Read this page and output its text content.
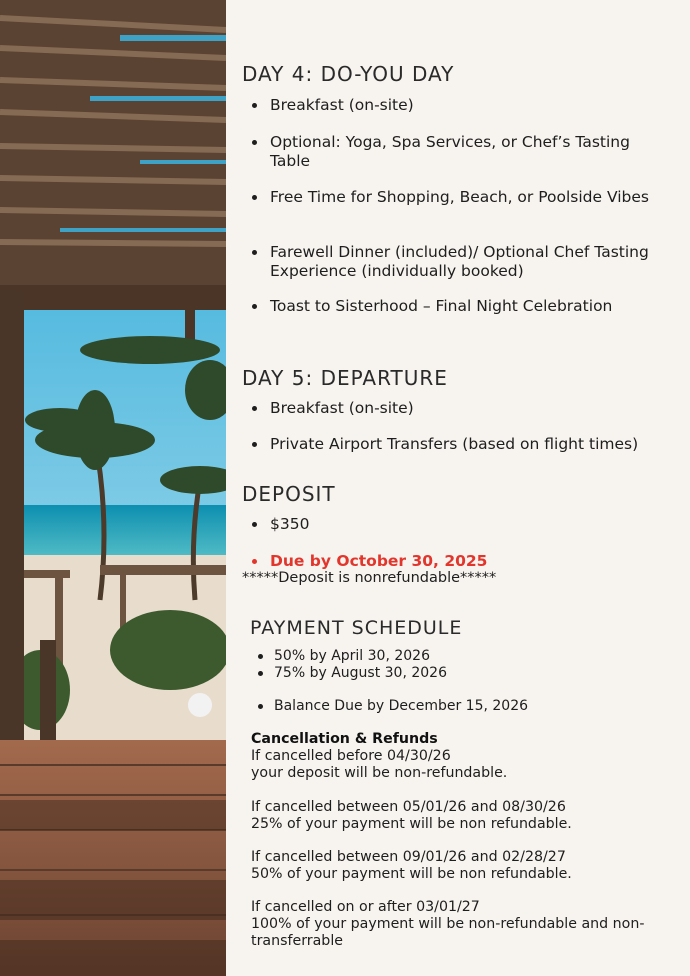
DAY 4: DO-YOU DAY
Breakfast (on-site)
Optional: Yoga, Spa Services, or Chef’s Tasting Table
Free Time for Shopping, Beach, or Poolside Vibes
Farewell Dinner (included)/ Optional Chef Tasting Experience (individually booked)
Toast to Sisterhood – Final Night Celebration
DAY 5: DEPARTURE
Breakfast (on-site)
Private Airport Transfers (based on flight times)
DEPOSIT
$350
Due by October 30, 2025
*****Deposit is nonrefundable*****
PAYMENT SCHEDULE
50% by April 30, 2026
75% by August 30, 2026
Balance Due by December 15, 2026
Cancellation & Refunds
If cancelled before 04/30/26
your deposit will be non-refundable.
If cancelled between 05/01/26 and 08/30/26
25% of your payment will be non refundable.
If cancelled between 09/01/26 and 02/28/27
50% of your payment will be non refundable.
If cancelled on or after 03/01/27
100% of your payment will be non-refundable and non-transferrable
